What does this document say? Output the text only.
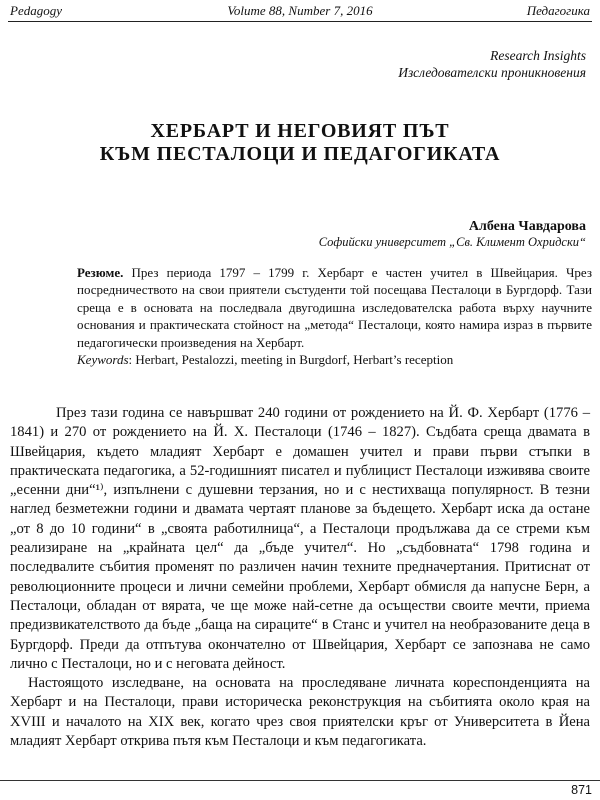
Pedagogy	Volume 88, Number 7, 2016	Педагогика
Research Insights
Изследователски проникновения
ХЕРБАРТ И НЕГОВИЯТ ПЪТ
КЪМ ПЕСТАЛОЦИ И ПЕДАГОГИКАТА
Албена Чавдарова
Софийски университет „Св. Климент Охридски“

Резюме. През периода 1797 – 1799 г. Хербарт е частен учител в Швейцария. Чрез посредничеството на свои приятели състуденти той посещава Песталоци в Бургдорф. Тази среща е в основата на последвала двугодишна изследователска работа върху научните основания и практическата стойност на „метода“ Песталоци, която намира израз в първите педагогически произведения на Хербарт.

Keywords: Herbart, Pestalozzi, meeting in Burgdorf, Herbart’s reception

През тази година се навършват 240 години от рождението на Й. Ф. Хербарт (1776 – 1841) и 270 от рождението на Й. Х. Песталоци (1746 – 1827). Съдбата среща двамата в Швейцария, където младият Хербарт е домашен учител и прави първи стъпки в практическата педагогика, а 52-годишният писател и публицист Песталоци изживява своите „есенни дни“¹⁾, изпълнени с душевни терзания, но и с нестихваща популярност. В тезни наглед безметежни години и двамата чертаят планове за бъдещето. Хербарт иска да остане „от 8 до 10 години“ в „своята работилница“, а Песталоци продължава да се стреми към реализиране на „крайната цел“ да „бъде учител“. Но „съдбовната“ 1798 година и последвалите събития променят по различен начин техните предначертания. Притиснат от революционните процеси и лични семейни проблеми, Хербарт обмисля да напусне Берн, а Песталоци, обладан от вярата, че ще може най-сетне да осъществи своите мечти, приема предизвикателството да бъде „баща на сираците“ в Станс и учител на необразованите деца в Бургдорф. Преди да отпътува окончателно от Швейцария, Хербарт се запознава не само лично с Песталоци, но и с неговата дейност.

Настоящото изследване, на основата на проследяване личната кореспонденцията на Хербарт и на Песталоци, прави историческа реконструкция на събитията около края на XVIII и началото на XIX век, когато чрез своя приятелски кръг от Университета в Йена младият Хербарт открива пътя към Песталоци и към педагогиката.

871
